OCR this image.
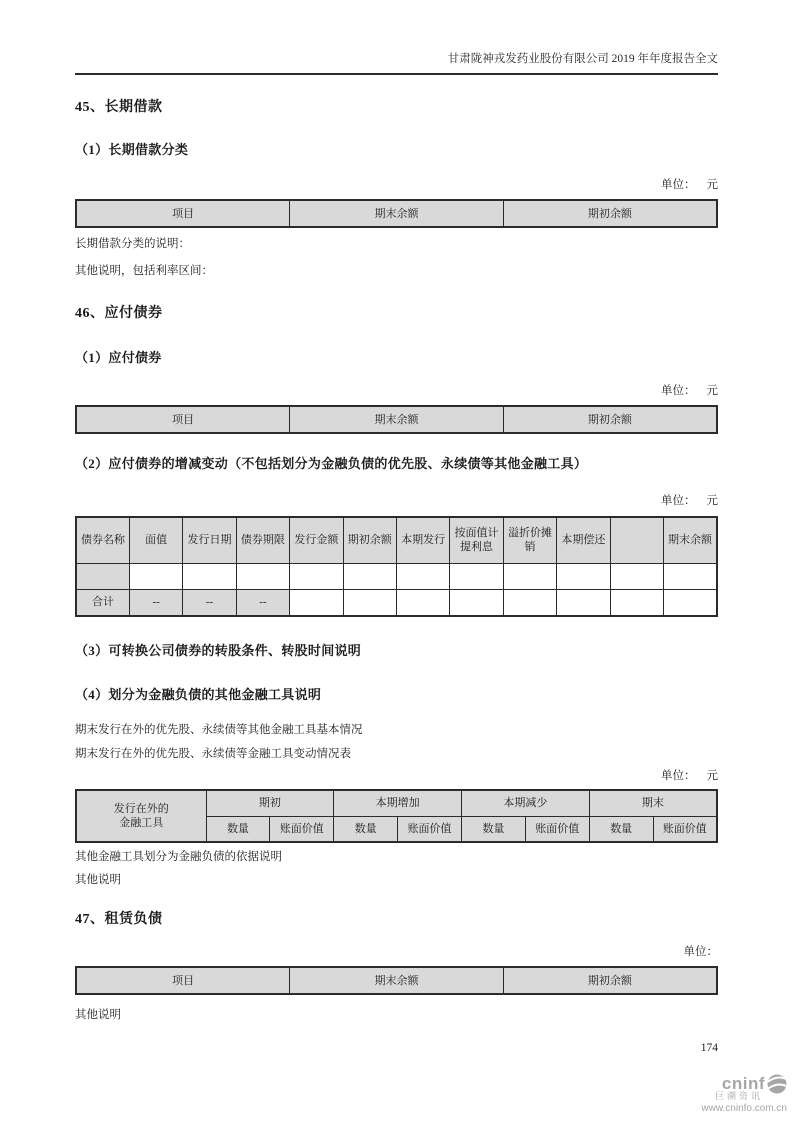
甘肃陇神戎发药业股份有限公司 2019 年年度报告全文
45、长期借款
（1）长期借款分类
单位： 元
项目	期末余额	期初余额
长期借款分类的说明：
其他说明，包括利率区间：
46、应付债券
（1）应付债券
单位： 元
项目	期末余额	期初余额
（2）应付债券的增减变动（不包括划分为金融负债的优先股、永续债等其他金融工具）
单位： 元
债券名称	面值	发行日期	债券期限	发行金额	期初余额	本期发行	按面值计提利息	溢折价摊销	本期偿还		期末余额

合计	--	--	--								
（3）可转换公司债券的转股条件、转股时间说明
（4）划分为金融负债的其他金融工具说明
期末发行在外的优先股、永续债等其他金融工具基本情况
期末发行在外的优先股、永续债等金融工具变动情况表
单位： 元
发行在外的
金融工具	期初		本期增加		本期减少		期末	
	数量	账面价值	数量	账面价值	数量	账面价值	数量	账面价值
其他金融工具划分为金融负债的依据说明
其他说明
47、租赁负债
单位：
项目	期末余额	期初余额
其他说明
174
cninf
巨潮资讯
www.cninfo.com.cn
